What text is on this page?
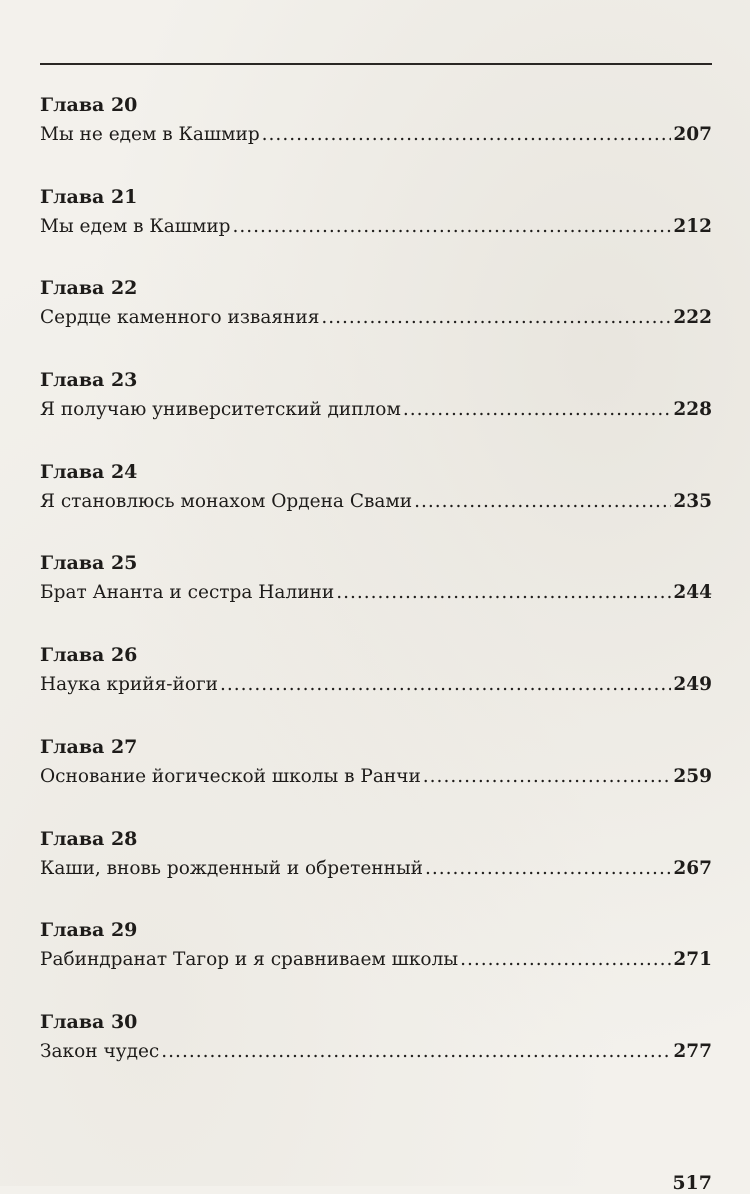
Глава 20
Мы не едем в Кашмир .....	207
Глава 21
Мы едем в Кашмир .....	212
Глава 22
Сердце каменного изваяния .....	222
Глава 23
Я получаю университетский диплом .....	228
Глава 24
Я становлюсь монахом Ордена Свами .....	235
Глава 25
Брат Ананта и сестра Налини .....	244
Глава 26
Наука крийя-йоги .....	249
Глава 27
Основание йогической школы в Ранчи .....	259
Глава 28
Каши, вновь рожденный и обретенный .....	267
Глава 29
Рабиндранат Тагор и я сравниваем школы .....	271
Глава 30
Закон чудес .....	277
517
